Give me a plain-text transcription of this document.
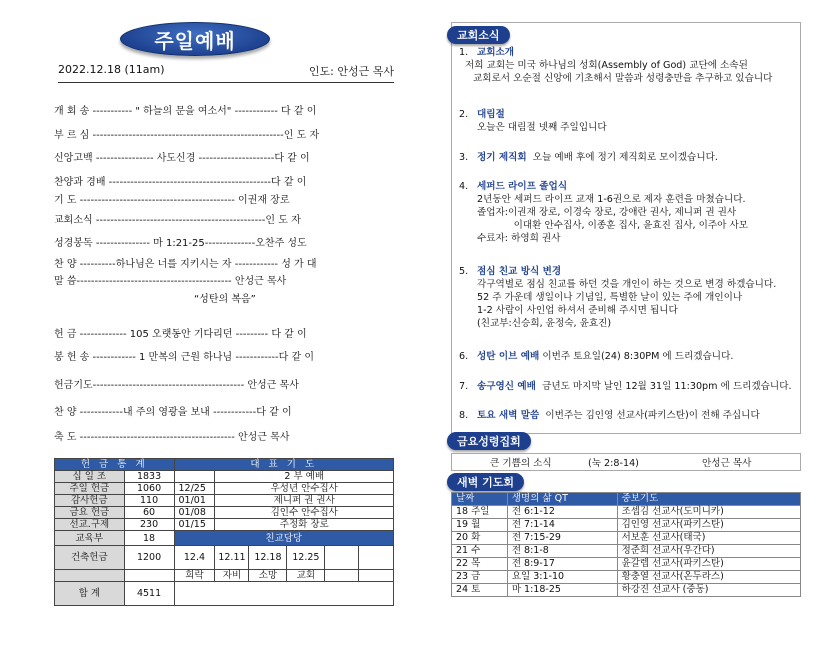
주일예배
2022.12.18 (11am)	인도: 안성근 목사
개 회 송 ----------- " 하늘의 문을 여소서" ------------ 다 같 이
부 르 심 -----------------------------------------------------인 도 자
신앙고백 ---------------- 사도신경 ---------------------다 같 이
찬양과 경배 ---------------------------------------------다 같 이
기 도 ------------------------------------------- 이권재 장로
교회소식 -----------------------------------------------인 도 자
성경봉독 --------------- 마 1:21-25--------------오찬주 성도
찬 양 ----------하나님은 너를 지키시는 자 ------------ 성 가 대
말 씀------------------------------------------- 안성근 목사
“성탄의 복음”
헌 금 ------------- 105 오랫동안 기다리던 --------- 다 같 이
봉 헌 송 ------------ 1 만복의 근원 하나님 ------------다 같 이
헌금기도------------------------------------------ 안성근 목사
찬 양 ------------내 주의 영광을 보내 ------------다 같 이
축 도 ------------------------------------------- 안성근 목사
헌 금 통 계		대 표 기 도					
십 일 조	1833		2 부 예배				
주일 헌금	1060	12/25	우성년 안수집사				
감사헌금	110	01/01	제니퍼 권 권사				
금요 헌금	60	01/08	김인수 안수집사				
선교.구제	230	01/15	주정화 장로				
교육부	18	친교담당					
건축헌금	1200	12.4	12.11	12.18	12.25		
		희락	자비	소망	교회		
합 계	4511						
교회소식
1. 교회소개
저희 교회는 미국 하나님의 성회(Assembly of God) 교단에 소속된
교회로서 오순절 신앙에 기초해서 말씀과 성령충만을 추구하고 있습니다
2. 대림절
오늘은 대림절 넷째 주일입니다
3. 정기 제직회 오늘 예배 후에 정기 제직회로 모이겠습니다.
4. 세퍼드 라이프 졸업식
2년동안 세퍼드 라이프 교재 1-6권으로 제자 훈련을 마쳤습니다.
졸업자:이권재 장로, 이경숙 장로, 강애란 권사, 제니퍼 권 권사
이대환 안수집사, 이종훈 집사, 윤효진 집사, 이주아 사모
수료자: 하영희 권사
5. 점심 친교 방식 변경
각구역별로 점심 친교를 하던 것을 개인이 하는 것으로 변경 하겠습니다.
52 주 가운데 생일이나 기념일, 특별한 날이 있는 주에 개인이나
1-2 사람이 사인업 하셔서 준비해 주시면 됩니다
(친교부:신승희, 윤정숙, 윤효진)
6. 성탄 이브 예배 이번주 토요일(24) 8:30PM 에 드리겠습니다.
7. 송구영신 예배 금년도 마지막 날인 12월 31일 11:30pm 에 드리겠습니다.
8. 토요 새벽 말씀 이번주는 김인영 선교사(파키스탄)이 전해 주십니다
금요성령집회
큰 기쁨의 소식	(눅 2:8-14)	안성근 목사
새벽 기도회
날짜	생명의 삶 QT	중보기도
18 주일	전 6:1-12	조셉김 선교사(도미니카)
19 월	전 7:1-14	김인영 선교사(파키스탄)
20 화	전 7:15-29	서보훈 선교사(태국)
21 수	전 8:1-8	정준희 선교사(우간다)
22 목	전 8:9-17	윤갈렙 선교사(파키스탄)
23 금	요일 3:1-10	황충열 선교사(온두라스)
24 토	마 1:18-25	하강진 선교사 (중동)
